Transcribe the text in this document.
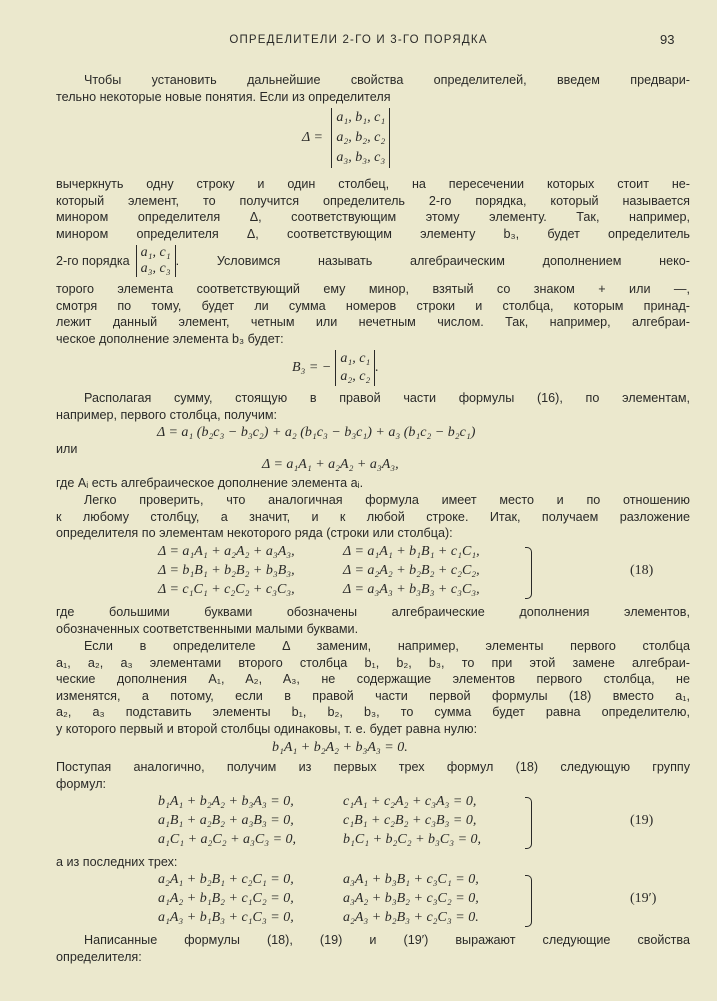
ОПРЕДЕЛИТЕЛИ 2-ГО И 3-ГО ПОРЯДКА	93
Чтобы установить дальнейшие свойства определителей, введем предвари-
тельно некоторые новые понятия. Если из определителя
Δ =
a₁, b₁, c₁
a₂, b₂, c₂
a₃, b₃, c₃
вычеркнуть одну строку и один столбец, на пересечении которых стоит не-
который элемент, то получится определитель 2-го порядка, который называется
минором определителя Δ, соответствующим этому элементу. Так, например,
минором определителя Δ, соответствующим элементу b₃, будет определитель
2-го порядка
a₁, c₁
a₃, c₃ . Условимся называть алгебраическим дополнением неко-
торого элемента соответствующий ему минор, взятый со знаком + или —,
смотря по тому, будет ли сумма номеров строки и столбца, которым принад-
лежит данный элемент, четным или нечетным числом. Так, например, алгебраи-
ческое дополнение элемента b₃ будет:
B₃ = −
a₁, c₁
a₂, c₂
.
Располагая сумму, стоящую в правой части формулы (16), по элементам,
например, первого столбца, получим:
Δ = a₁ (b₂c₃ − b₃c₂) + a₂ (b₁c₃ − b₃c₁) + a₃ (b₁c₂ − b₂c₁)
или
Δ = a₁A₁ + a₂A₂ + a₃A₃,
где Aᵢ есть алгебраическое дополнение элемента aᵢ.
Легко проверить, что аналогичная формула имеет место и по отношению
к любому столбцу, а значит, и к любой строке. Итак, получаем разложение
определителя по элементам некоторого ряда (строки или столбца):
Δ = a₁A₁ + a₂A₂ + a₃A₃,
Δ = b₁B₁ + b₂B₂ + b₃B₃,
Δ = c₁C₁ + c₂C₂ + c₃C₃,
Δ = a₁A₁ + b₁B₁ + c₁C₁,
Δ = a₂A₂ + b₂B₂ + c₂C₂,
Δ = a₃A₃ + b₃B₃ + c₃C₃,
(18)
где большими буквами обозначены алгебраические дополнения элементов,
обозначенных соответственными малыми буквами.
Если в определителе Δ заменим, например, элементы первого столбца
a₁, a₂, a₃ элементами второго столбца b₁, b₂, b₃, то при этой замене алгебраи-
ческие дополнения A₁, A₂, A₃, не содержащие элементов первого столбца, не
изменятся, а потому, если в правой части первой формулы (18) вместо a₁,
a₂, a₃ подставить элементы b₁, b₂, b₃, то сумма будет равна определителю,
у которого первый и второй столбцы одинаковы, т. е. будет равна нулю:
b₁A₁ + b₂A₂ + b₃A₃ = 0.
Поступая аналогично, получим из первых трех формул (18) следующую группу
формул:
b₁A₁ + b₂A₂ + b₃A₃ = 0,
a₁B₁ + a₂B₂ + a₃B₃ = 0,
a₁C₁ + a₂C₂ + a₃C₃ = 0,
c₁A₁ + c₂A₂ + c₃A₃ = 0,
c₁B₁ + c₂B₂ + c₃B₃ = 0,
b₁C₁ + b₂C₂ + b₃C₃ = 0,
(19)
а из последних трех:
a₂A₁ + b₂B₁ + c₂C₁ = 0,
a₁A₂ + b₁B₂ + c₁C₂ = 0,
a₁A₃ + b₁B₃ + c₁C₃ = 0,
a₃A₁ + b₃B₁ + c₃C₁ = 0,
a₃A₂ + b₃B₂ + c₃C₂ = 0,
a₂A₃ + b₂B₃ + c₂C₃ = 0.
(19′)
Написанные формулы (18), (19) и (19′) выражают следующие свойства
определителя:
